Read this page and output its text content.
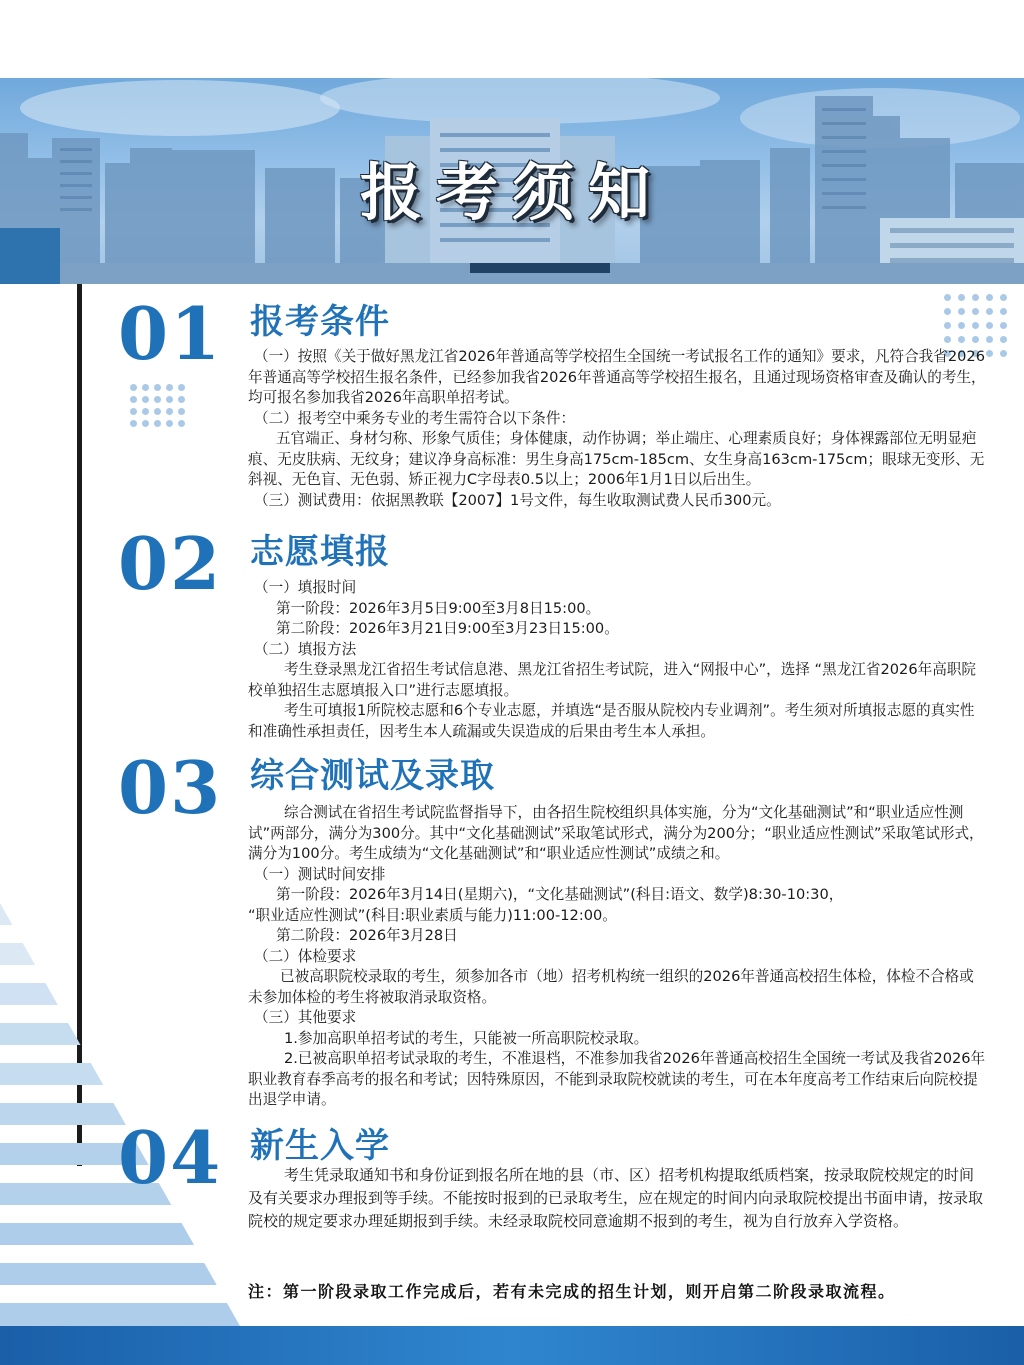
报考须知
01 报考条件

（一）按照《关于做好黑龙江省2026年普通高等学校招生全国统一考试报名工作的通知》要求，凡符合我省2026年普通高等学校招生报名条件，已经参加我省2026年普通高等学校招生报名，且通过现场资格审查及确认的考生，均可报名参加我省2026年高职单招考试。

（二）报考空中乘务专业的考生需符合以下条件：

五官端正、身材匀称、形象气质佳；身体健康，动作协调；举止端庄、心理素质良好；身体裸露部位无明显疤痕、无皮肤病、无纹身；建议净身高标准：男生身高175cm-185cm、女生身高163cm-175cm；眼球无变形、无斜视、无色盲、无色弱、矫正视力C字母表0.5以上；2006年1月1日以后出生。

（三）测试费用：依据黑教联【2007】1号文件，每生收取测试费人民币300元。

02 志愿填报

（一）填报时间

第一阶段：2026年3月5日9:00至3月8日15:00。

第二阶段：2026年3月21日9:00至3月23日15:00。

（二）填报方法

考生登录黑龙江省招生考试信息港、黑龙江省招生考试院，进入“网报中心”，选择 “黑龙江省2026年高职院校单独招生志愿填报入口”进行志愿填报。

考生可填报1所院校志愿和6个专业志愿，并填选“是否服从院校内专业调剂”。考生须对所填报志愿的真实性和准确性承担责任，因考生本人疏漏或失误造成的后果由考生本人承担。

03 综合测试及录取

综合测试在省招生考试院监督指导下，由各招生院校组织具体实施，分为“文化基础测试”和“职业适应性测试”两部分，满分为300分。其中“文化基础测试”采取笔试形式，满分为200分；“职业适应性测试”采取笔试形式，满分为100分。考生成绩为“文化基础测试”和“职业适应性测试”成绩之和。

（一）测试时间安排

第一阶段：2026年3月14日(星期六)，“文化基础测试”(科目:语文、数学)8:30-10:30，

“职业适应性测试”(科目:职业素质与能力)11:00-12:00。

第二阶段：2026年3月28日

（二）体检要求

已被高职院校录取的考生，须参加各市（地）招考机构统一组织的2026年普通高校招生体检，体检不合格或未参加体检的考生将被取消录取资格。

（三）其他要求

1.参加高职单招考试的考生，只能被一所高职院校录取。

2.已被高职单招考试录取的考生，不准退档，不准参加我省2026年普通高校招生全国统一考试及我省2026年职业教育春季高考的报名和考试；因特殊原因，不能到录取院校就读的考生，可在本年度高考工作结束后向院校提出退学申请。

04 新生入学

考生凭录取通知书和身份证到报名所在地的县（市、区）招考机构提取纸质档案，按录取院校规定的时间及有关要求办理报到等手续。不能按时报到的已录取考生，应在规定的时间内向录取院校提出书面申请，按录取院校的规定要求办理延期报到手续。未经录取院校同意逾期不报到的考生，视为自行放弃入学资格。

注：第一阶段录取工作完成后，若有未完成的招生计划，则开启第二阶段录取流程。
